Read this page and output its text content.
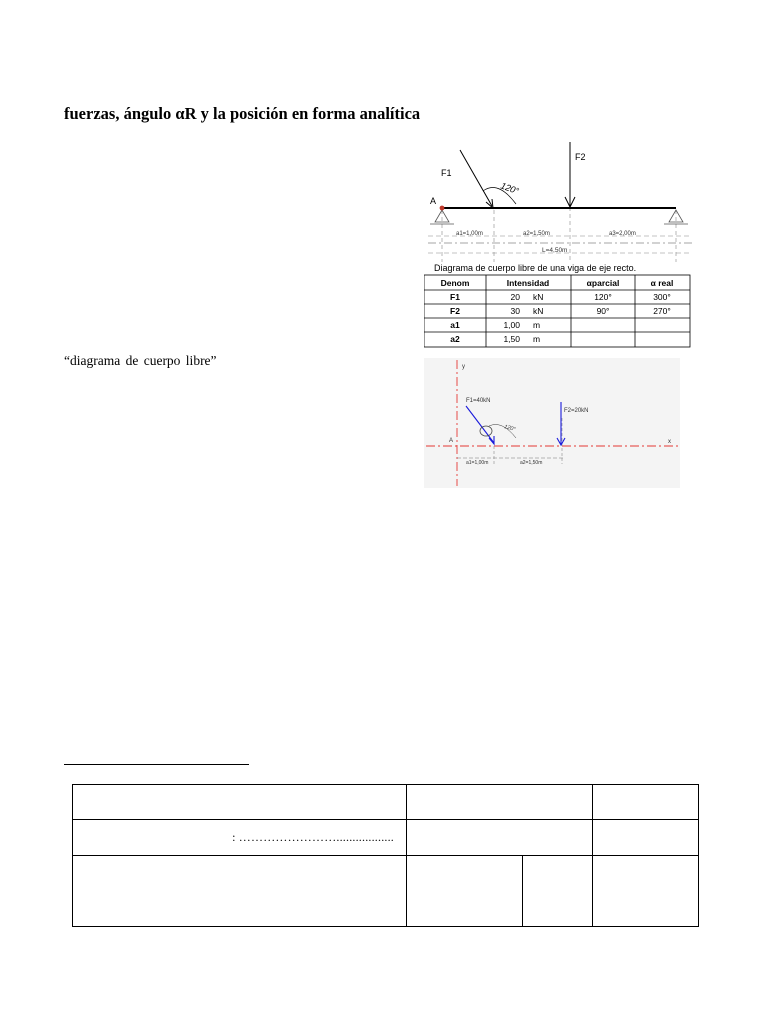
fuerzas, ángulo αR y la posición en forma analítica
A
F1
120°
F2
a1=1,00m	a2=1,50m	a3=2,00m
L=4,50m
Diagrama de cuerpo libre de una viga de eje recto.
Denom	Intensidad	αparcial	α real
F1	20 kN	120°	300°
F2	30 kN	90°	270°
a1	1,00 m
a2	1,50 m
“diagrama de cuerpo libre”	y
x
A
a1=1,00m	a2=1,50m
F1=40kN
120°
F2=20kN

: ……………………..................			
